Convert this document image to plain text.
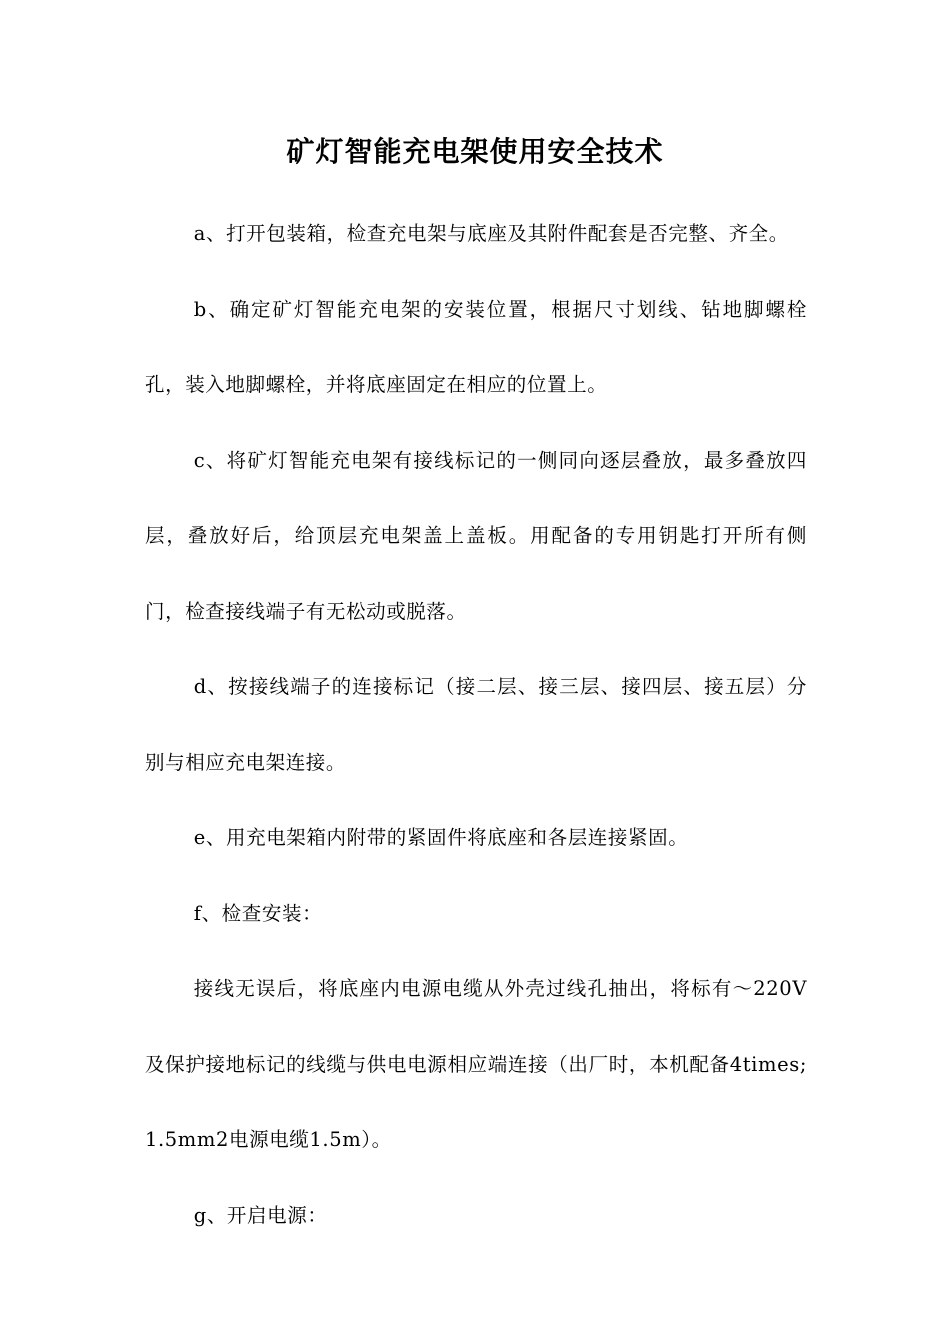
矿灯智能充电架使用安全技术

a、打开包装箱，检查充电架与底座及其附件配套是否完整、齐全。

b、确定矿灯智能充电架的安装位置，根据尺寸划线、钻地脚螺栓孔，装入地脚螺栓，并将底座固定在相应的位置上。

c、将矿灯智能充电架有接线标记的一侧同向逐层叠放，最多叠放四层，叠放好后，给顶层充电架盖上盖板。用配备的专用钥匙打开所有侧门，检查接线端子有无松动或脱落。

d、按接线端子的连接标记（接二层、接三层、接四层、接五层）分别与相应充电架连接。

e、用充电架箱内附带的紧固件将底座和各层连接紧固。

f、检查安装：

接线无误后，将底座内电源电缆从外壳过线孔抽出，将标有～220V及保护接地标记的线缆与供电电源相应端连接（出厂时，本机配备4times;1.5mm2电源电缆1.5m）。

g、开启电源：
